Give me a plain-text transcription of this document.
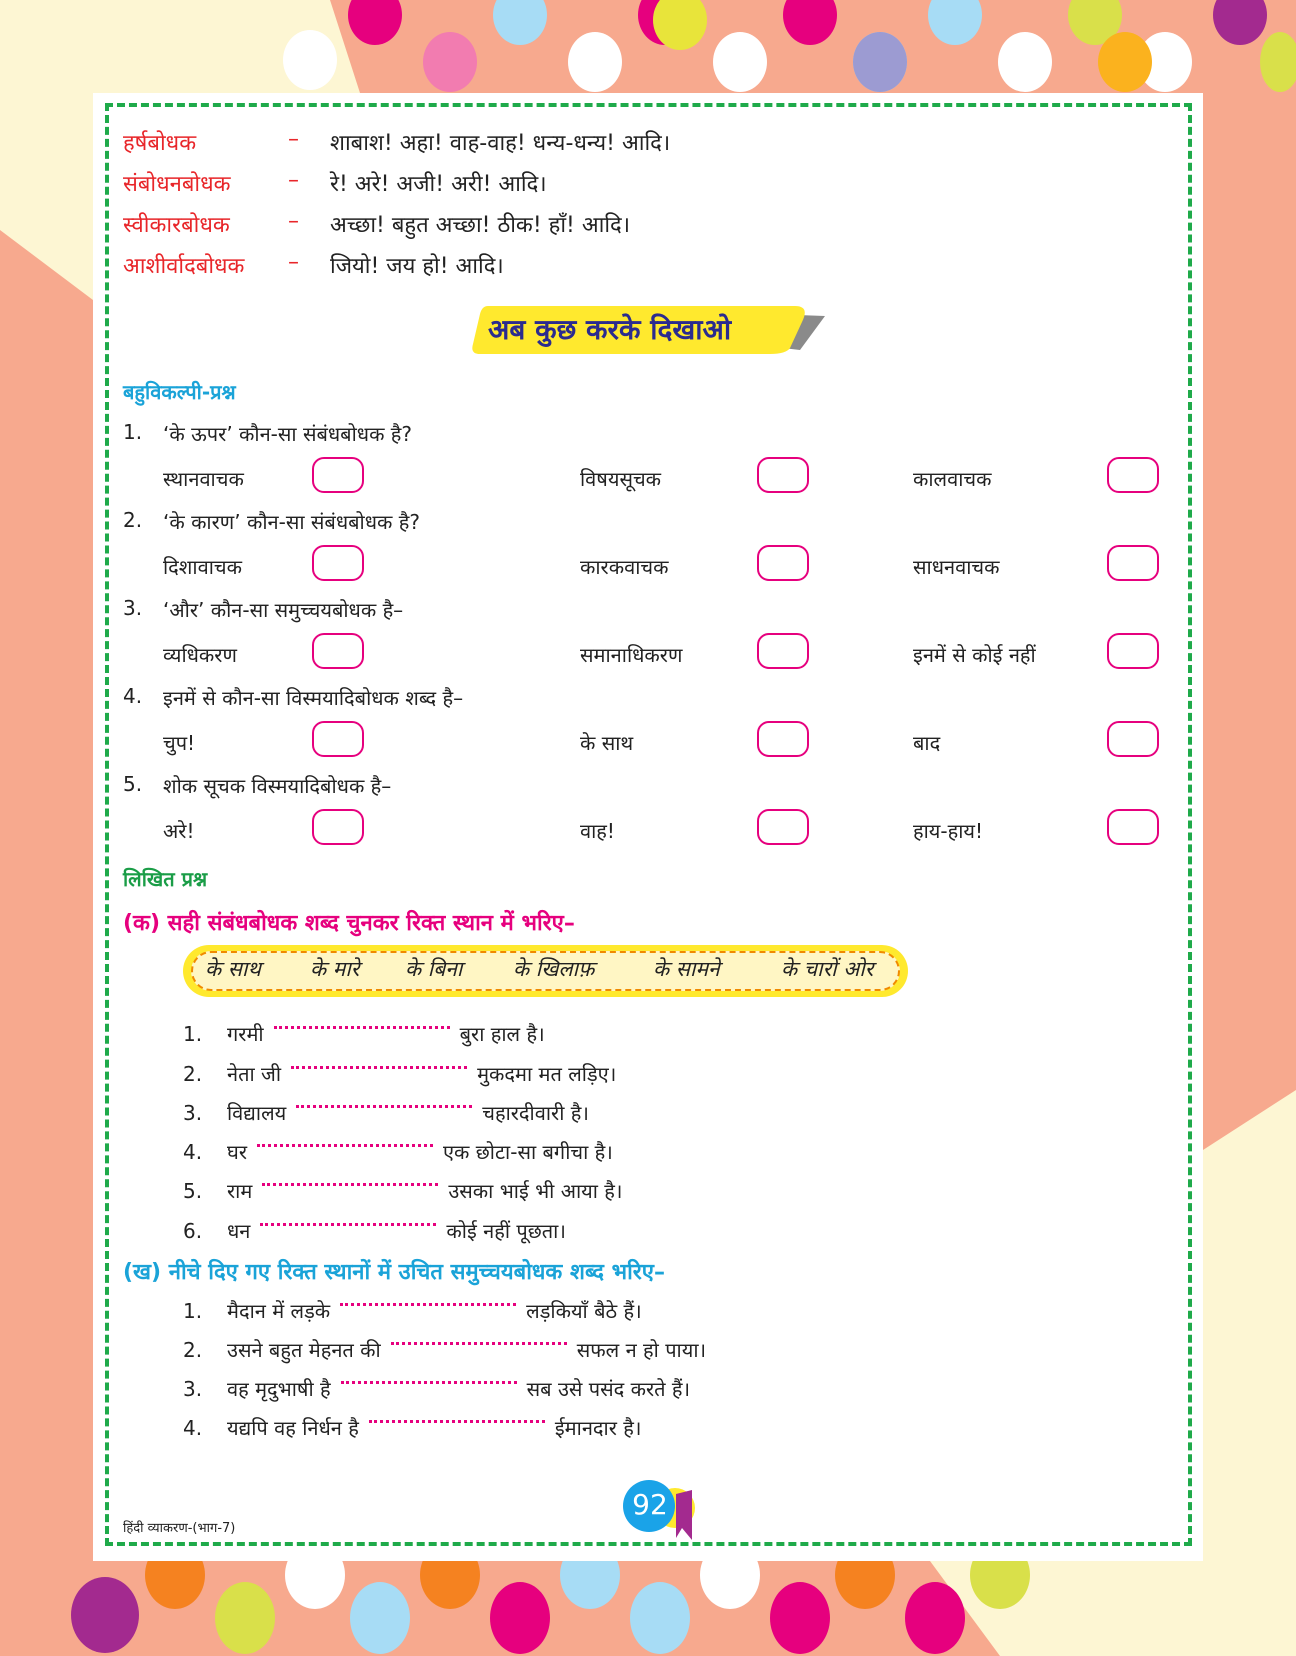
हर्षबोधक	– शाबाश! अहा! वाह-वाह! धन्य-धन्य! आदि।
संबोधनबोधक	– रे! अरे! अजी! अरी! आदि।
स्वीकारबोधक	– अच्छा! बहुत अच्छा! ठीक! हाँ! आदि।
आशीर्वादबोधक – जियो! जय हो! आदि।
अब कुछ करके दिखाओ
बहुविकल्पी-प्रश्न
1. ‘के ऊपर’ कौन-सा संबंधबोधक है?
स्थानवाचक	विषयसूचक	कालवाचक
2. ‘के कारण’ कौन-सा संबंधबोधक है?
दिशावाचक	कारकवाचक	साधनवाचक
3. ‘और’ कौन-सा समुच्चयबोधक है–
व्यधिकरण	समानाधिकरण	इनमें से कोई नहीं
4. इनमें से कौन-सा विस्मयादिबोधक शब्द है–
चुप!	के साथ	बाद
5. शोक सूचक विस्मयादिबोधक है–
अरे!	वाह!	हाय-हाय!
लिखित प्रश्न
(क) सही संबंधबोधक शब्द चुनकर रिक्त स्थान में भरिए–
के साथ के मारे के बिना के खिलाफ़	के सामने	के चारों ओर
1. गरमी	बुरा हाल है।
2. नेता जी	मुकदमा मत लड़िए।
3. विद्यालय	चहारदीवारी है।
4. घर	एक छोटा-सा बगीचा है।
5. राम	उसका भाई भी आया है।
6. धन	कोई नहीं पूछता।
(ख) नीचे दिए गए रिक्त स्थानों में उचित समुच्चयबोधक शब्द भरिए–
1. मैदान में लड़के	लड़कियाँ बैठे हैं।
2. उसने बहुत मेहनत की	सफल न हो पाया।
3. वह मृदुभाषी है	सब उसे पसंद करते हैं।
4. यद्यपि वह निर्धन है	ईमानदार है।
हिंदी व्याकरण-(भाग-7)
92
